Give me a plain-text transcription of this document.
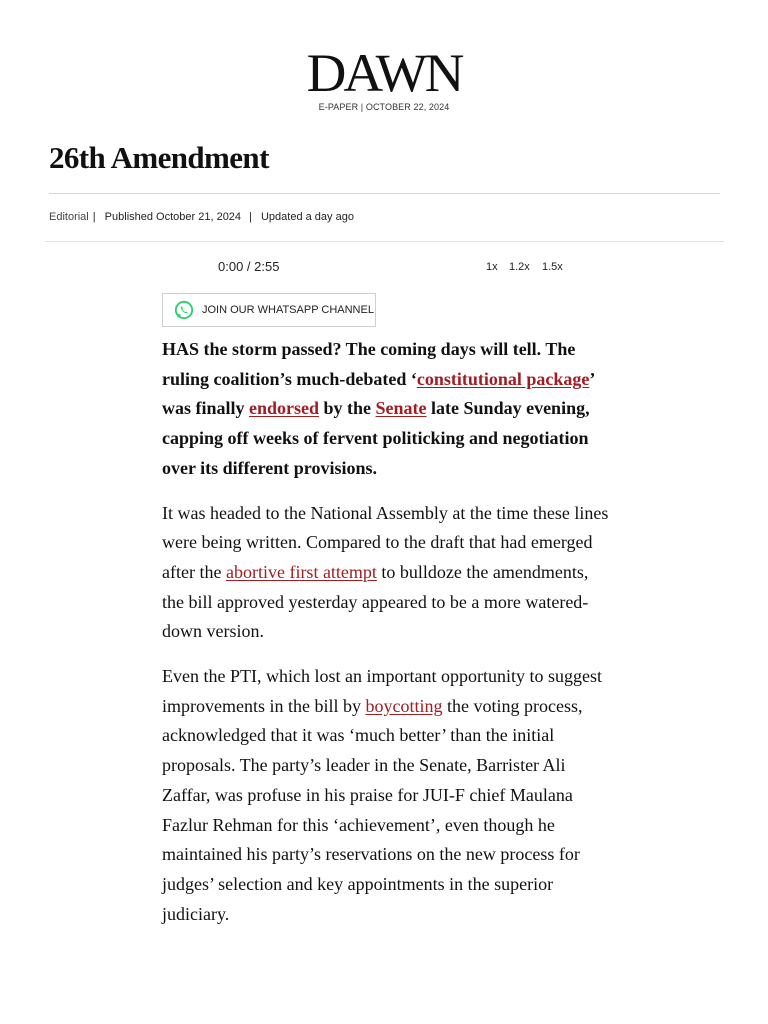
DAWN
E-PAPER | OCTOBER 22, 2024
26th Amendment
Editorial | Published October 21, 2024 | Updated a day ago
0:00 / 2:55	1x 1.2x 1.5x
JOIN OUR WHATSAPP CHANNEL

HAS the storm passed? The coming days will tell. The ruling coalition’s much-debated ‘constitutional package’ was finally endorsed by the Senate late Sunday evening, capping off weeks of fervent politicking and negotiation over its different provisions.

It was headed to the National Assembly at the time these lines were being written. Compared to the draft that had emerged after the abortive first attempt to bulldoze the amendments, the bill approved yesterday appeared to be a more watered-down version.

Even the PTI, which lost an important opportunity to suggest improvements in the bill by boycotting the voting process, acknowledged that it was ‘much better’ than the initial proposals. The party’s leader in the Senate, Barrister Ali Zaffar, was profuse in his praise for JUI-F chief Maulana Fazlur Rehman for this ‘achievement’, even though he maintained his party’s reservations on the new process for judges’ selection and key appointments in the superior judiciary.
